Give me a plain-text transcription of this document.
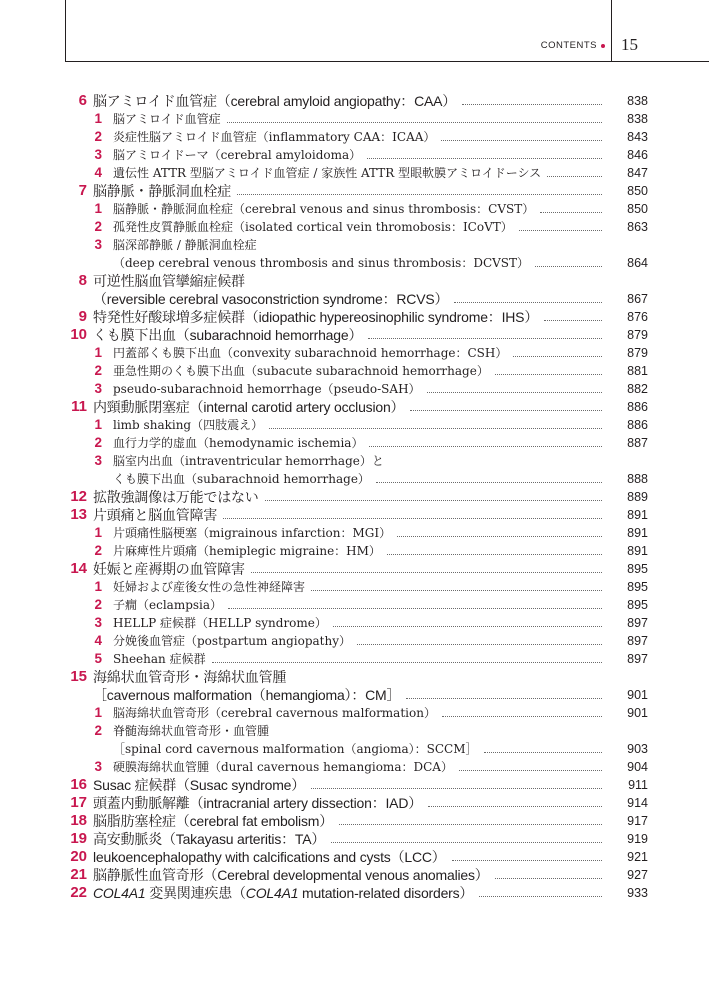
CONTENTS 15
6 脳アミロイド血管症（cerebral amyloid angiopathy：CAA）	838
1 脳アミロイド血管症	838
2 炎症性脳アミロイド血管症（inflammatory CAA：ICAA）	843
3 脳アミロイドーマ（cerebral amyloidoma）	846
4 遺伝性 ATTR 型脳アミロイド血管症 / 家族性 ATTR 型眼軟膜アミロイドーシス	847
7 脳静脈・静脈洞血栓症	850
1 脳静脈・静脈洞血栓症（cerebral venous and sinus thrombosis：CVST）	850
2 孤発性皮質静脈血栓症（isolated cortical vein thromobosis：ICoVT）	863
3 脳深部静脈 / 静脈洞血栓症
（deep cerebral venous thrombosis and sinus thrombosis：DCVST）	864
8 可逆性脳血管攣縮症候群
（reversible cerebral vasoconstriction syndrome：RCVS）	867
9 特発性好酸球増多症候群（idiopathic hypereosinophilic syndrome：IHS）	876
10 くも膜下出血（subarachnoid hemorrhage）	879
1 円蓋部くも膜下出血（convexity subarachnoid hemorrhage：CSH）	879
2 亜急性期のくも膜下出血（subacute subarachnoid hemorrhage）	881
3 pseudo-subarachnoid hemorrhage（pseudo-SAH）	882
11 内頸動脈閉塞症（internal carotid artery occlusion）	886
1 limb shaking（四肢震え）	886
2 血行力学的虚血（hemodynamic ischemia）	887
3 脳室内出血（intraventricular hemorrhage）と
くも膜下出血（subarachnoid hemorrhage）	888
12 拡散強調像は万能ではない	889
13 片頭痛と脳血管障害	891
1 片頭痛性脳梗塞（migrainous infarction：MGI）	891
2 片麻痺性片頭痛（hemiplegic migraine：HM）	891
14 妊娠と産褥期の血管障害	895
1 妊婦および産後女性の急性神経障害	895
2 子癇（eclampsia）	895
3 HELLP 症候群（HELLP syndrome）	897
4 分娩後血管症（postpartum angiopathy）	897
5 Sheehan 症候群	897
15 海綿状血管奇形・海綿状血管腫
［cavernous malformation（hemangioma）：CM］	901
1 脳海綿状血管奇形（cerebral cavernous malformation）	901
2 脊髄海綿状血管奇形・血管腫
［spinal cord cavernous malformation（angioma）：SCCM］	903
3 硬膜海綿状血管腫（dural cavernous hemangioma：DCA）	904
16 Susac 症候群（Susac syndrome）	911
17 頭蓋内動脈解離（intracranial artery dissection：IAD）	914
18 脳脂肪塞栓症（cerebral fat embolism）	917
19 高安動脈炎（Takayasu arteritis：TA）	919
20 leukoencephalopathy with calcifications and cysts（LCC）	921
21 脳静脈性血管奇形（Cerebral developmental venous anomalies）	927
22 COL4A1 変異関連疾患（COL4A1 mutation-related disorders）	933
